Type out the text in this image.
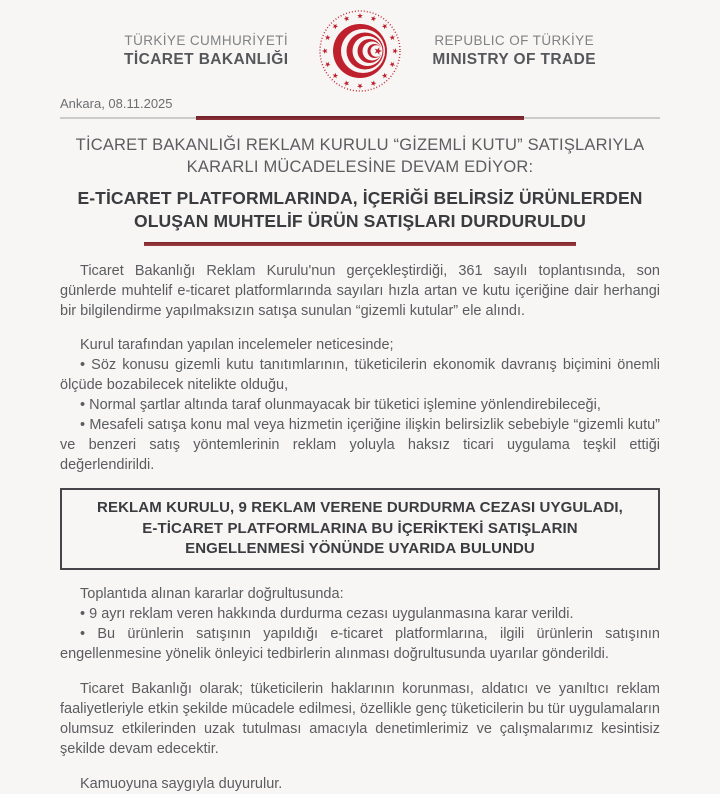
TÜRKİYE CUMHURİYETİ
TİCARET BAKANLIĞI
REPUBLIC OF TÜRKİYE
MINISTRY OF TRADE
Ankara, 08.11.2025
TİCARET BAKANLIĞI REKLAM KURULU “GİZEMLİ KUTU” SATIŞLARIYLA
KARARLI MÜCADELESİNE DEVAM EDİYOR:
E-TİCARET PLATFORMLARINDA, İÇERİĞİ BELİRSİZ ÜRÜNLERDEN
OLUŞAN MUHTELİF ÜRÜN SATIŞLARI DURDURULDU

Ticaret Bakanlığı Reklam Kurulu'nun gerçekleştirdiği, 361 sayılı toplantısında, son günlerde muhtelif e-ticaret platformlarında sayıları hızla artan ve kutu içeriğine dair herhangi bir bilgilendirme yapılmaksızın satışa sunulan “gizemli kutular” ele alındı.

Kurul tarafından yapılan incelemeler neticesinde;

• Söz konusu gizemli kutu tanıtımlarının, tüketicilerin ekonomik davranış biçimini önemli ölçüde bozabilecek nitelikte olduğu,

• Normal şartlar altında taraf olunmayacak bir tüketici işlemine yönlendirebileceği,

• Mesafeli satışa konu mal veya hizmetin içeriğine ilişkin belirsizlik sebebiyle “gizemli kutu” ve benzeri satış yöntemlerinin reklam yoluyla haksız ticari uygulama teşkil ettiği değerlendirildi.

REKLAM KURULU, 9 REKLAM VERENE DURDURMA CEZASI UYGULADI,
E-TİCARET PLATFORMLARINA BU İÇERİKTEKİ SATIŞLARIN
ENGELLENMESİ YÖNÜNDE UYARIDA BULUNDU

Toplantıda alınan kararlar doğrultusunda:

• 9 ayrı reklam veren hakkında durdurma cezası uygulanmasına karar verildi.

• Bu ürünlerin satışının yapıldığı e-ticaret platformlarına, ilgili ürünlerin satışının engellenmesine yönelik önleyici tedbirlerin alınması doğrultusunda uyarılar gönderildi.

Ticaret Bakanlığı olarak; tüketicilerin haklarının korunması, aldatıcı ve yanıltıcı reklam faaliyetleriyle etkin şekilde mücadele edilmesi, özellikle genç tüketicilerin bu tür uygulamaların olumsuz etkilerinden uzak tutulması amacıyla denetimlerimiz ve çalışmalarımız kesintisiz şekilde devam edecektir.

Kamuoyuna saygıyla duyurulur.
